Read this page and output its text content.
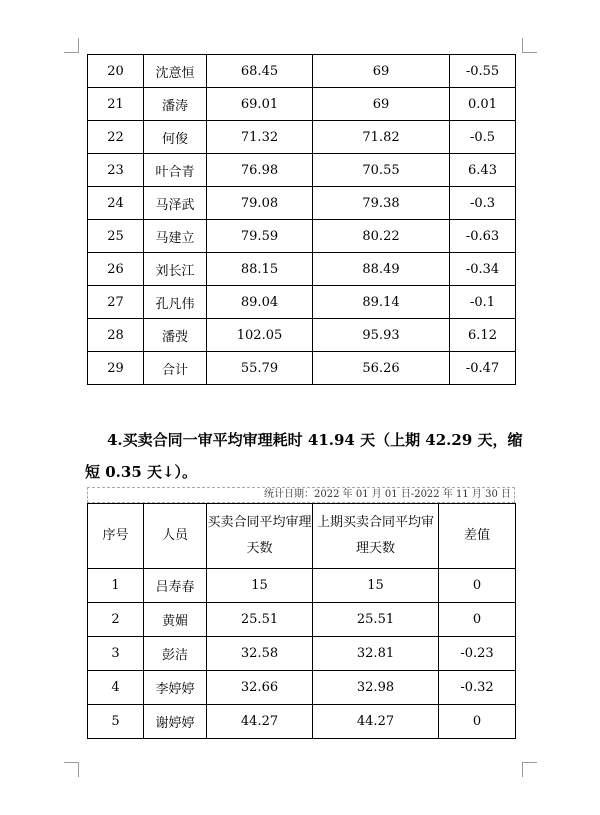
20	沈意恒	68.45	69	-0.55
21	潘涛	69.01	69	0.01
22	何俊	71.32	71.82	-0.5
23	叶合青	76.98	70.55	6.43
24	马泽武	79.08	79.38	-0.3
25	马建立	79.59	80.22	-0.63
26	刘长江	88.15	88.49	-0.34
27	孔凡伟	89.04	89.14	-0.1
28	潘弢	102.05	95.93	6.12
29	合计	55.79	56.26	-0.47
4.买卖合同一审平均审理耗时 41.94 天（上期 42.29 天，缩短 0.35 天↓）。
统计日期：2022 年 01 月 01 日-2022 年 11 月 30 日
序号	人员	买卖合同平均审理天数	上期买卖合同平均审理天数	差值
1	吕寿春	15	15	0
2	黄媚	25.51	25.51	0
3	彭洁	32.58	32.81	-0.23
4	李婷婷	32.66	32.98	-0.32
5	谢婷婷	44.27	44.27	0
